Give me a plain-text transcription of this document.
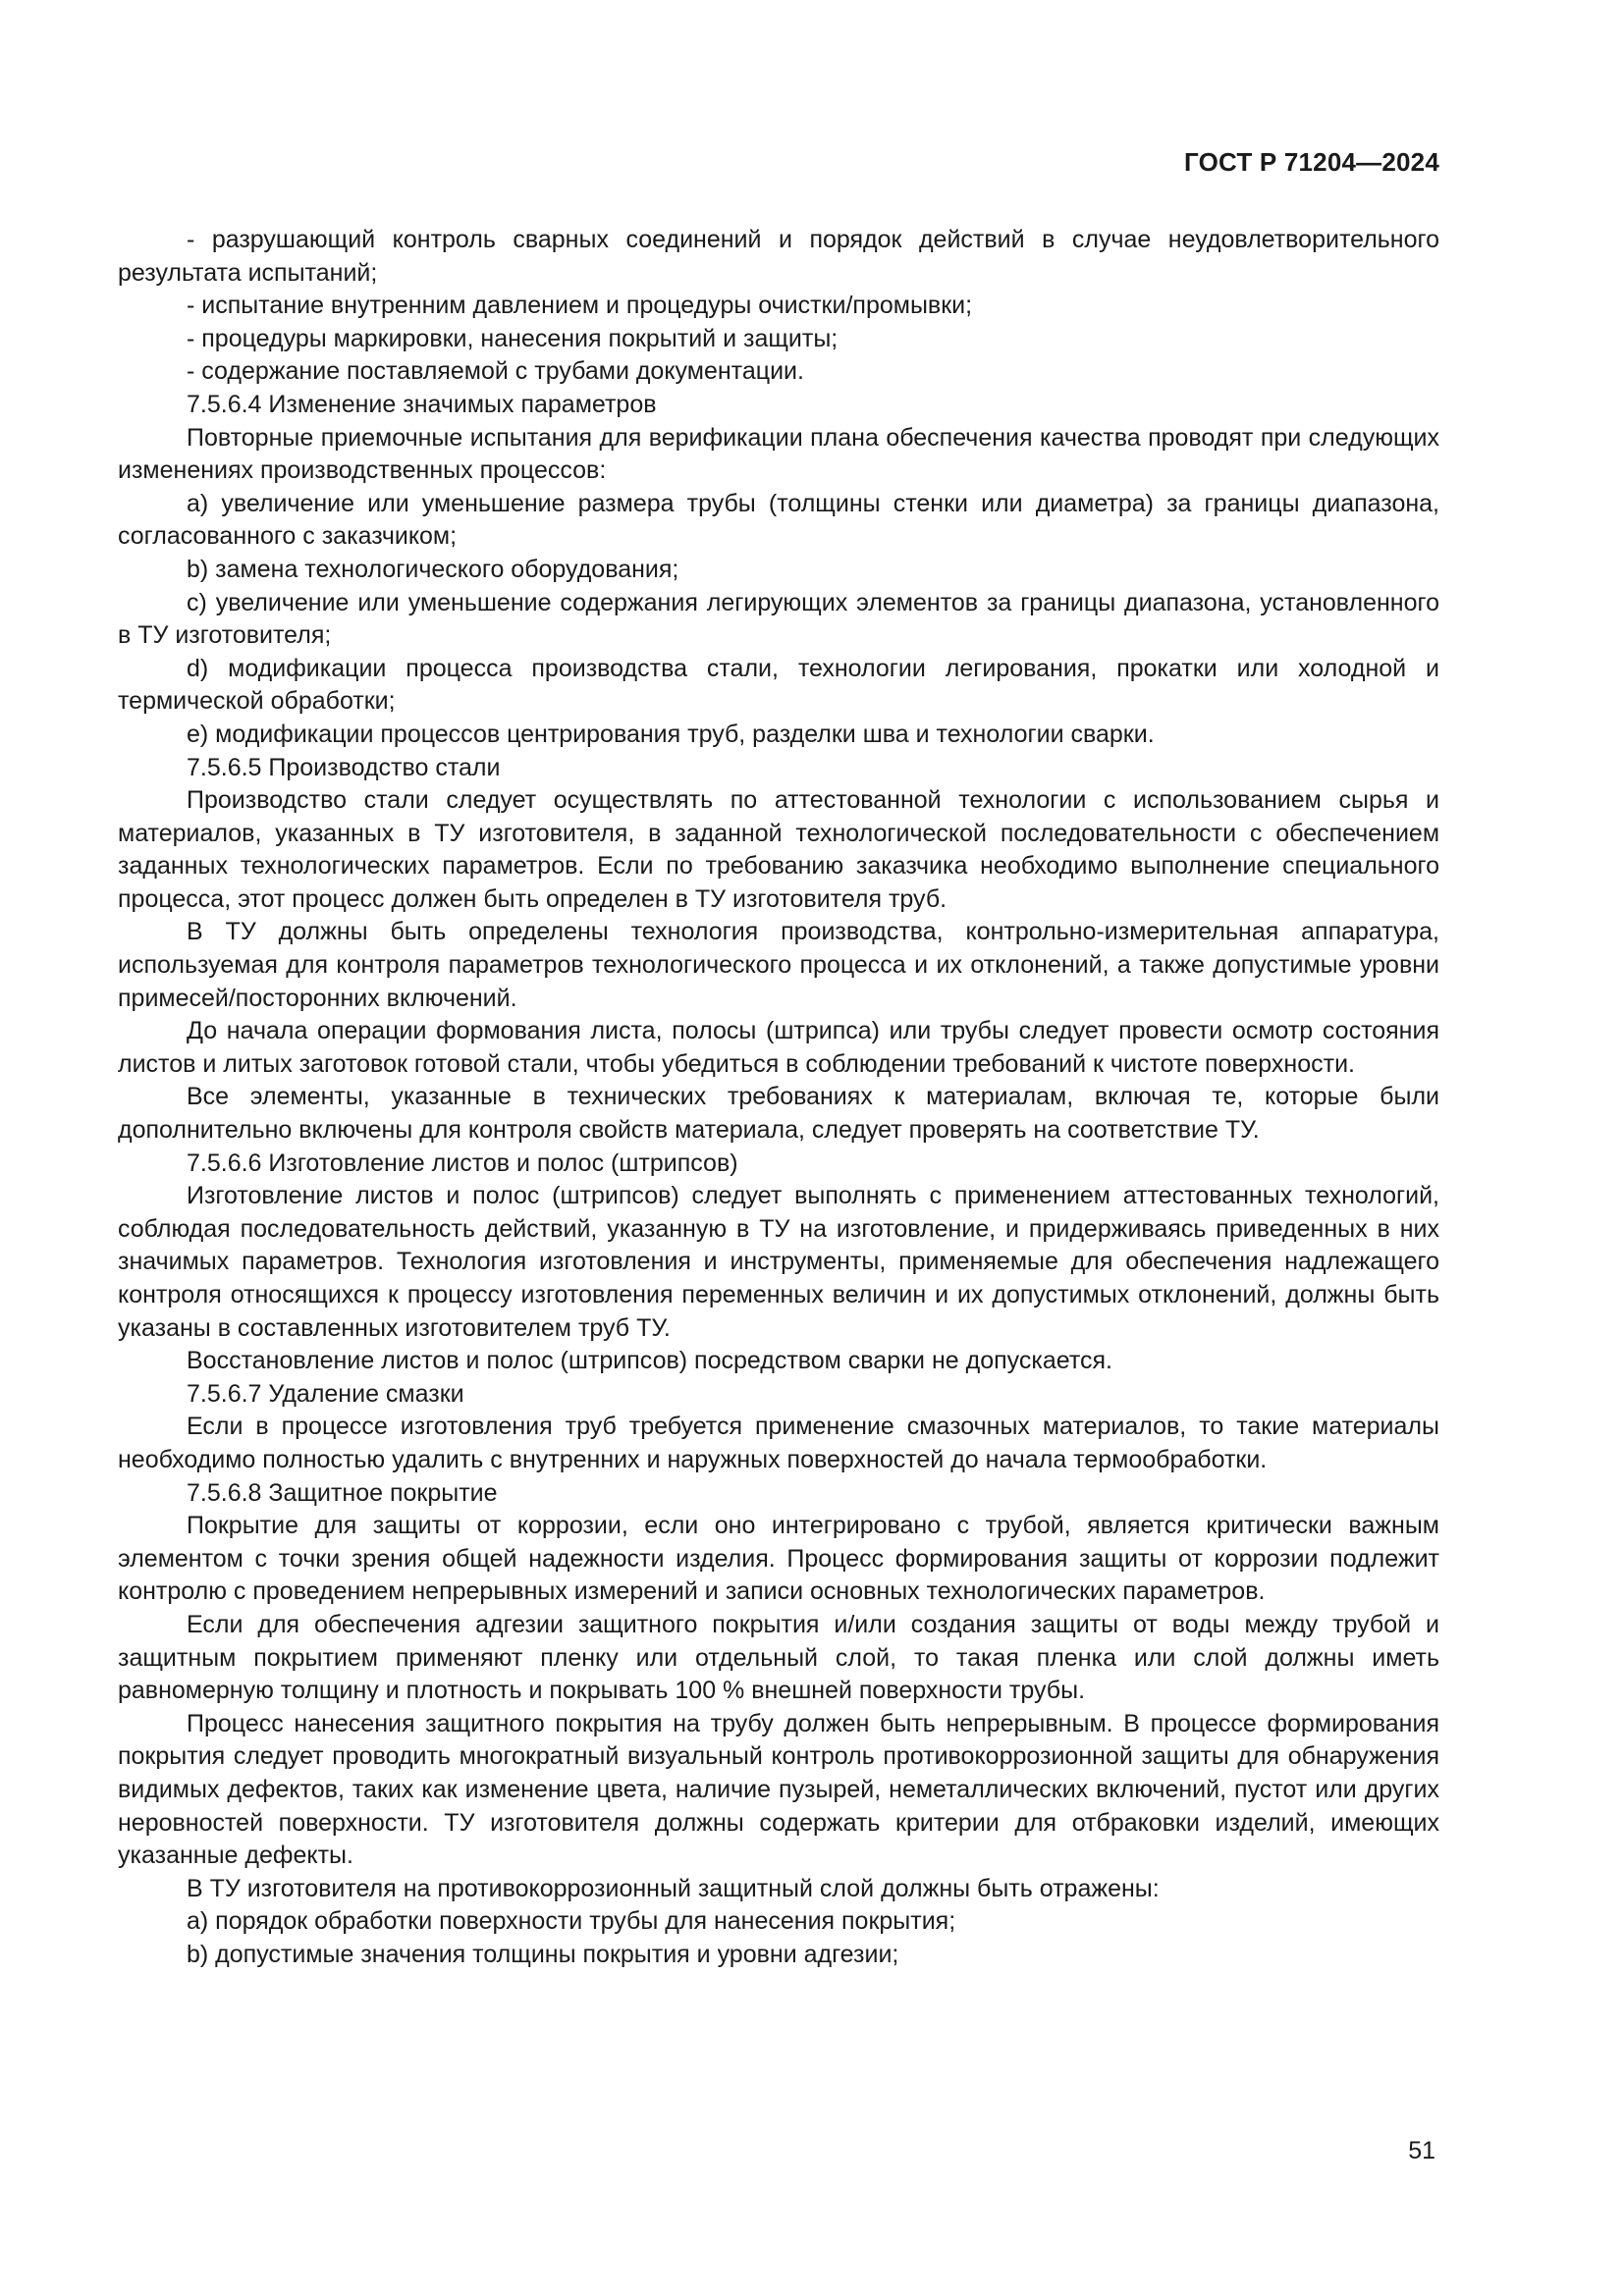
ГОСТ Р 71204—2024

- разрушающий контроль сварных соединений и порядок действий в случае неудовлетворительного результата испытаний;

- испытание внутренним давлением и процедуры очистки/промывки;

- процедуры маркировки, нанесения покрытий и защиты;

- содержание поставляемой с трубами документации.

7.5.6.4 Изменение значимых параметров

Повторные приемочные испытания для верификации плана обеспечения качества проводят при следующих изменениях производственных процессов:

a) увеличение или уменьшение размера трубы (толщины стенки или диаметра) за границы диапазона, согласованного с заказчиком;

b) замена технологического оборудования;

c) увеличение или уменьшение содержания легирующих элементов за границы диапазона, установленного в ТУ изготовителя;

d) модификации процесса производства стали, технологии легирования, прокатки или холодной и термической обработки;

e) модификации процессов центрирования труб, разделки шва и технологии сварки.

7.5.6.5 Производство стали

Производство стали следует осуществлять по аттестованной технологии с использованием сырья и материалов, указанных в ТУ изготовителя, в заданной технологической последовательности с обеспечением заданных технологических параметров. Если по требованию заказчика необходимо выполнение специального процесса, этот процесс должен быть определен в ТУ изготовителя труб.

В ТУ должны быть определены технология производства, контрольно-измерительная аппаратура, используемая для контроля параметров технологического процесса и их отклонений, а также допустимые уровни примесей/посторонних включений.

До начала операции формования листа, полосы (штрипса) или трубы следует провести осмотр состояния листов и литых заготовок готовой стали, чтобы убедиться в соблюдении требований к чистоте поверхности.

Все элементы, указанные в технических требованиях к материалам, включая те, которые были дополнительно включены для контроля свойств материала, следует проверять на соответствие ТУ.

7.5.6.6 Изготовление листов и полос (штрипсов)

Изготовление листов и полос (штрипсов) следует выполнять с применением аттестованных технологий, соблюдая последовательность действий, указанную в ТУ на изготовление, и придерживаясь приведенных в них значимых параметров. Технология изготовления и инструменты, применяемые для обеспечения надлежащего контроля относящихся к процессу изготовления переменных величин и их допустимых отклонений, должны быть указаны в составленных изготовителем труб ТУ.

Восстановление листов и полос (штрипсов) посредством сварки не допускается.

7.5.6.7 Удаление смазки

Если в процессе изготовления труб требуется применение смазочных материалов, то такие материалы необходимо полностью удалить с внутренних и наружных поверхностей до начала термообработки.

7.5.6.8 Защитное покрытие

Покрытие для защиты от коррозии, если оно интегрировано с трубой, является критически важным элементом с точки зрения общей надежности изделия. Процесс формирования защиты от коррозии подлежит контролю с проведением непрерывных измерений и записи основных технологических параметров.

Если для обеспечения адгезии защитного покрытия и/или создания защиты от воды между трубой и защитным покрытием применяют пленку или отдельный слой, то такая пленка или слой должны иметь равномерную толщину и плотность и покрывать 100 % внешней поверхности трубы.

Процесс нанесения защитного покрытия на трубу должен быть непрерывным. В процессе формирования покрытия следует проводить многократный визуальный контроль противокоррозионной защиты для обнаружения видимых дефектов, таких как изменение цвета, наличие пузырей, неметаллических включений, пустот или других неровностей поверхности. ТУ изготовителя должны содержать критерии для отбраковки изделий, имеющих указанные дефекты.

В ТУ изготовителя на противокоррозионный защитный слой должны быть отражены:

a) порядок обработки поверхности трубы для нанесения покрытия;

b) допустимые значения толщины покрытия и уровни адгезии;

51
